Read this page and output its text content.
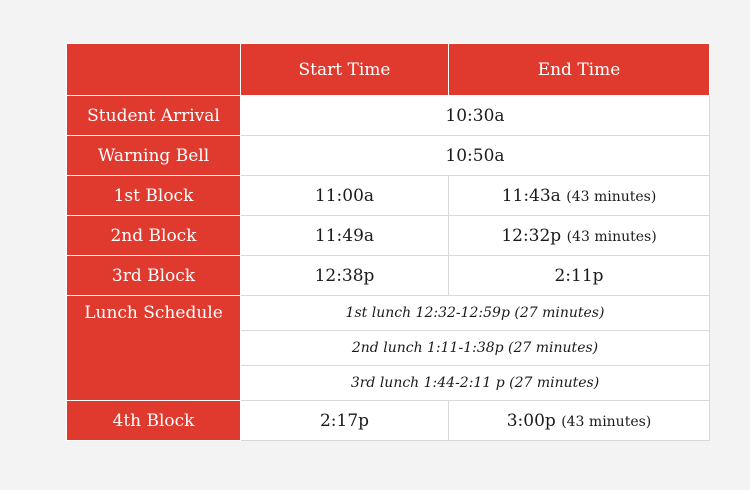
	Start Time	End Time
Student Arrival	10:30a	
Warning Bell	10:50a	
1st Block	11:00a	11:43a (43 minutes)
2nd Block	11:49a	12:32p (43 minutes)
3rd Block	12:38p	2:11p
Lunch Schedule	1st lunch 12:32-12:59p (27 minutes)	
	2nd lunch 1:11-1:38p (27 minutes)	
	3rd lunch 1:44-2:11 p (27 minutes)	
4th Block	2:17p	3:00p (43 minutes)
